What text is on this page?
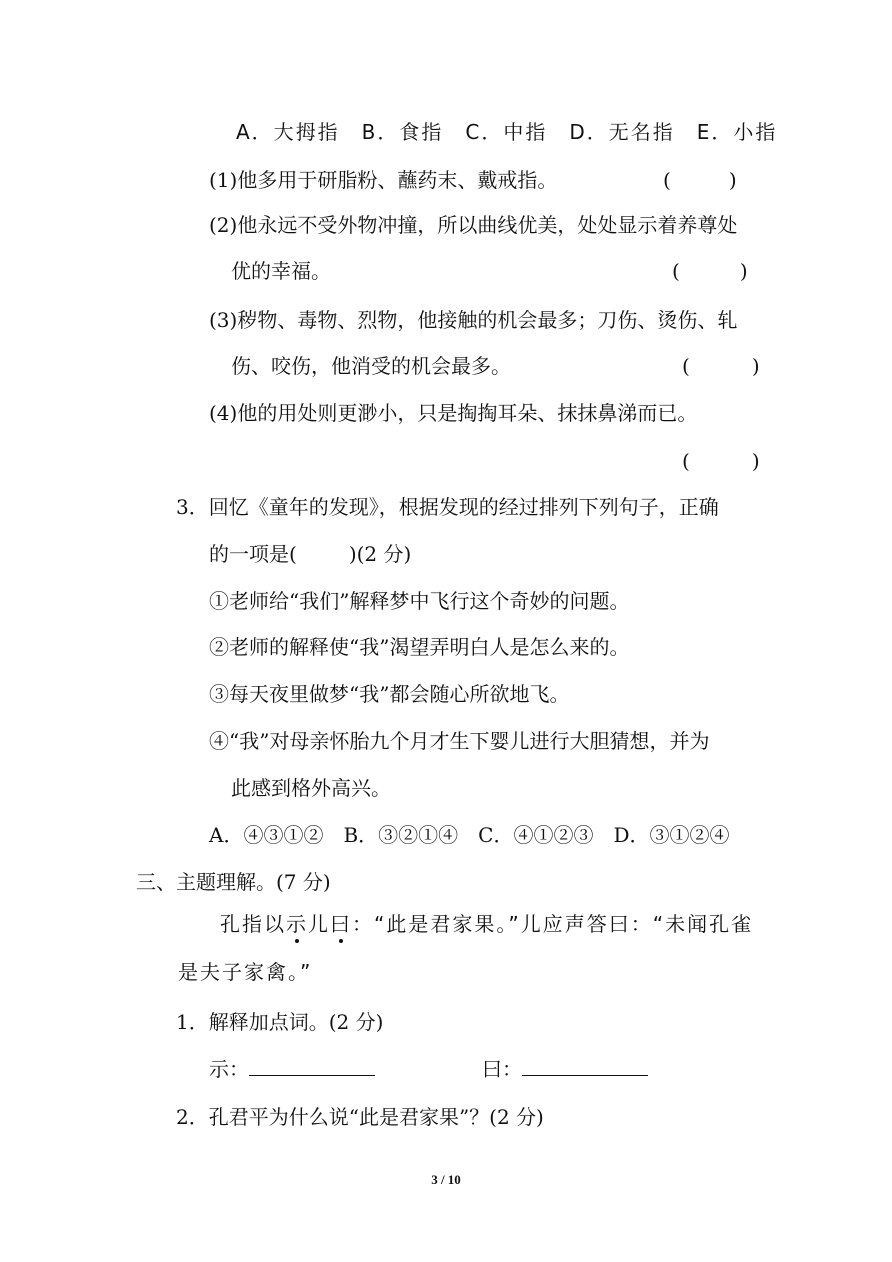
A．大拇指　B．食指　C．中指　D．无名指　E．小指
(1)他多用于研脂粉、蘸药末、戴戒指。	(	)
(2)他永远不受外物冲撞，所以曲线优美，处处显示着养尊处
优的幸福。	(	)
(3)秽物、毒物、烈物，他接触的机会最多；刀伤、烫伤、轧
伤、咬伤，他消受的机会最多。	(	)
(4)他的用处则更渺小，只是掏掏耳朵、抹抹鼻涕而已。
(	)
3．回忆《童年的发现》，根据发现的经过排列下列句子，正确
的一项是(	)(2 分)
①老师给“我们”解释梦中飞行这个奇妙的问题。
②老师的解释使“我”渴望弄明白人是怎么来的。
③每天夜里做梦“我”都会随心所欲地飞。
④“我”对母亲怀胎九个月才生下婴儿进行大胆猜想，并为
此感到格外高兴。
A．④③①②　B．③②①④　C．④①②③　D．③①②④
三、主题理解。(7 分)
孔指以示儿曰：“此是君家果。”儿应声答曰：“未闻孔雀
是夫子家禽。”
1．解释加点词。(2 分)
示：	曰：
2．孔君平为什么说“此是君家果”？(2 分)
3 / 10
